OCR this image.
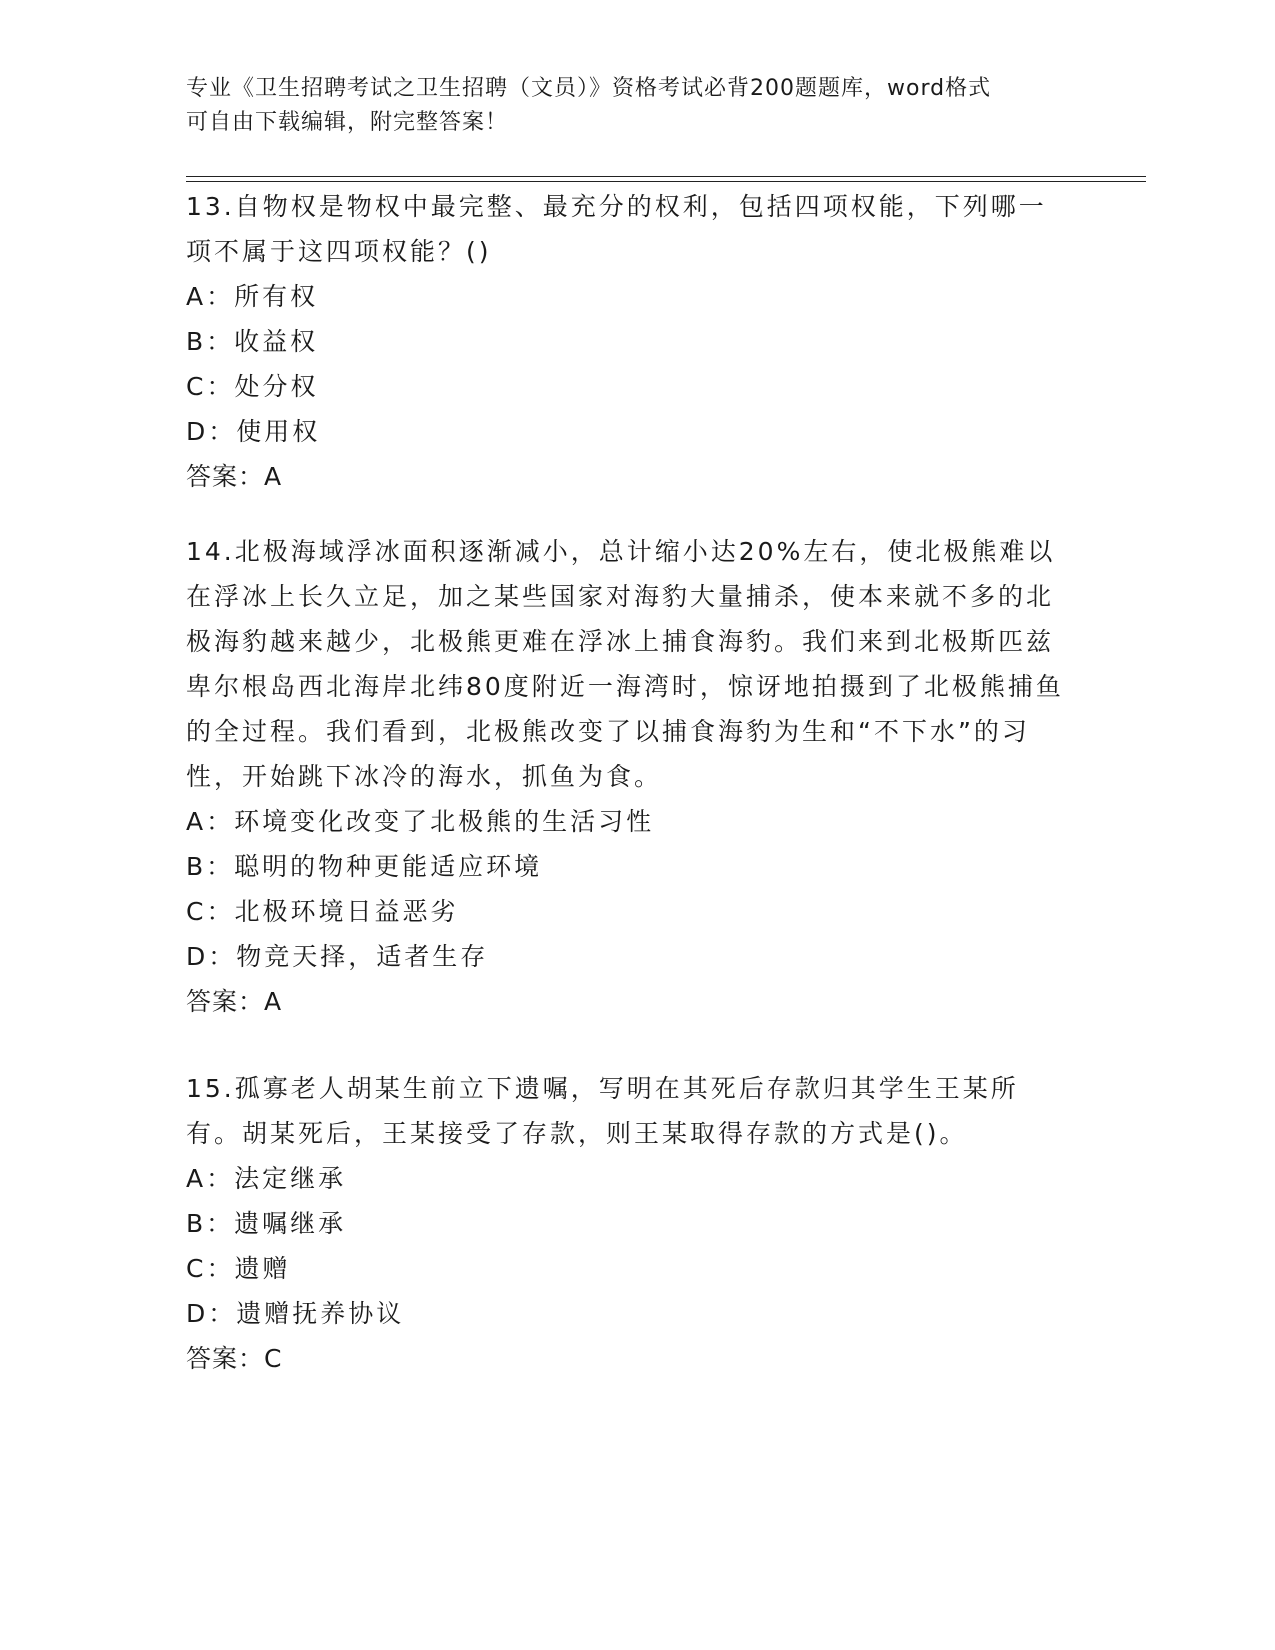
专业《卫生招聘考试之卫生招聘（文员）》资格考试必背200题题库，word格式

可自由下载编辑，附完整答案！

13.自物权是物权中最完整、最充分的权利，包括四项权能，下列哪一项不属于这四项权能？()

A：所有权

B：收益权

C：处分权

D：使用权

答案：A

14.北极海域浮冰面积逐渐减小，总计缩小达20%左右，使北极熊难以在浮冰上长久立足，加之某些国家对海豹大量捕杀，使本来就不多的北极海豹越来越少，北极熊更难在浮冰上捕食海豹。我们来到北极斯匹兹卑尔根岛西北海岸北纬80度附近一海湾时，惊讶地拍摄到了北极熊捕鱼的全过程。我们看到，北极熊改变了以捕食海豹为生和“不下水”的习性，开始跳下冰冷的海水，抓鱼为食。

A：环境变化改变了北极熊的生活习性

B：聪明的物种更能适应环境

C：北极环境日益恶劣

D：物竞天择，适者生存

答案：A

15.孤寡老人胡某生前立下遗嘱，写明在其死后存款归其学生王某所有。胡某死后，王某接受了存款，则王某取得存款的方式是()。

A：法定继承

B：遗嘱继承

C：遗赠

D：遗赠抚养协议

答案：C
